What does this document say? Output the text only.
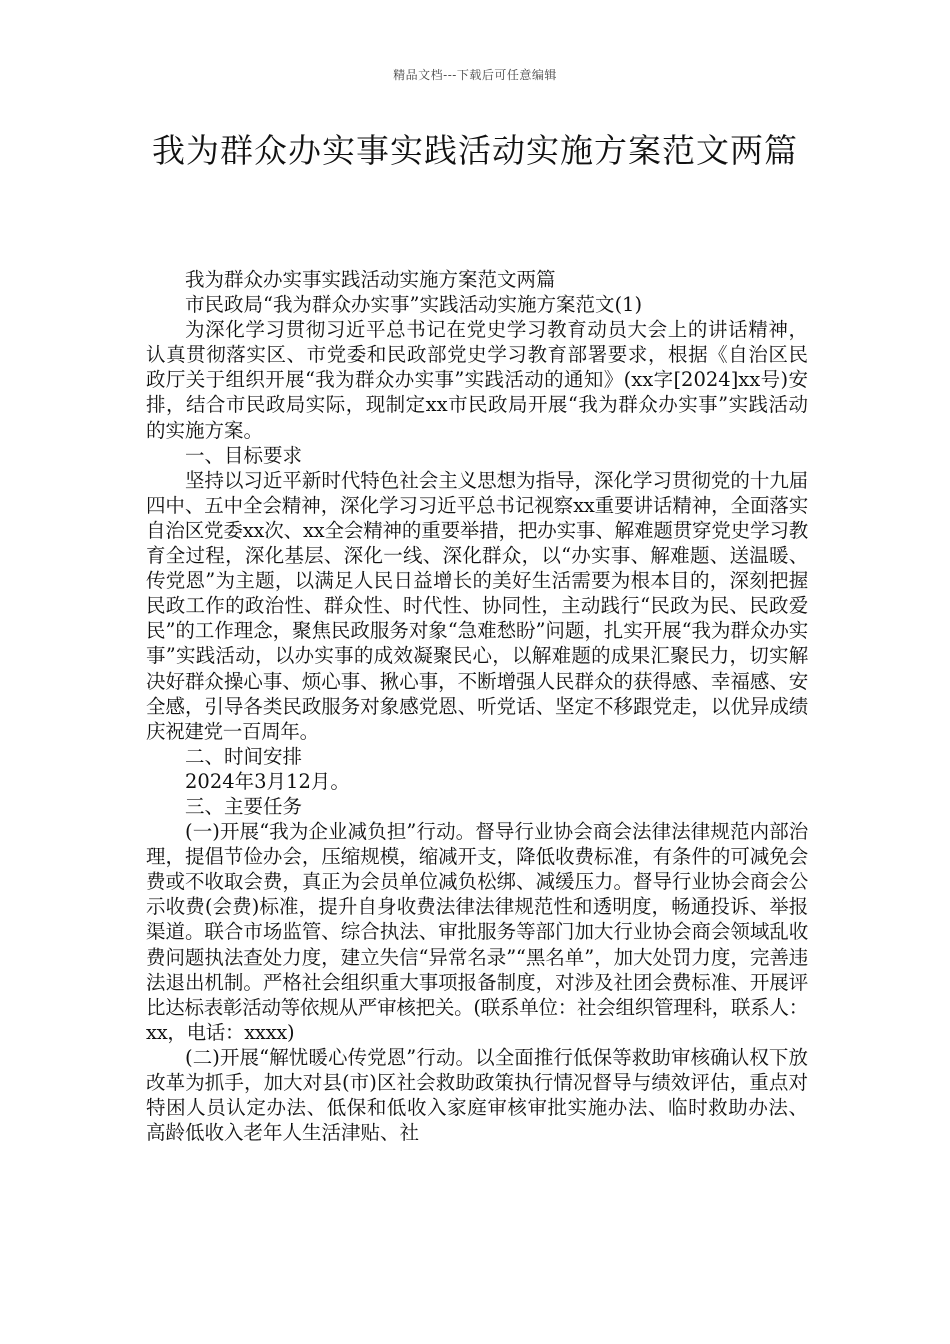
精品文档---下载后可任意编辑
我为群众办实事实践活动实施方案范文两篇

我为群众办实事实践活动实施方案范文两篇

市民政局“我为群众办实事”实践活动实施方案范文(1)

为深化学习贯彻习近平总书记在党史学习教育动员大会上的讲话精神，认真贯彻落实区、市党委和民政部党史学习教育部署要求，根据《自治区民政厅关于组织开展“我为群众办实事”实践活动的通知》(xx字[2024]xx号)安排，结合市民政局实际，现制定xx市民政局开展“我为群众办实事”实践活动的实施方案。

一、目标要求

坚持以习近平新时代特色社会主义思想为指导，深化学习贯彻党的十九届四中、五中全会精神，深化学习习近平总书记视察xx重要讲话精神，全面落实自治区党委xx次、xx全会精神的重要举措，把办实事、解难题贯穿党史学习教育全过程，深化基层、深化一线、深化群众，以“办实事、解难题、送温暖、传党恩”为主题，以满足人民日益增长的美好生活需要为根本目的，深刻把握民政工作的政治性、群众性、时代性、协同性，主动践行“民政为民、民政爱民”的工作理念，聚焦民政服务对象“急难愁盼”问题，扎实开展“我为群众办实事”实践活动，以办实事的成效凝聚民心，以解难题的成果汇聚民力，切实解决好群众操心事、烦心事、揪心事，不断增强人民群众的获得感、幸福感、安全感，引导各类民政服务对象感党恩、听党话、坚定不移跟党走，以优异成绩庆祝建党一百周年。

二、时间安排

2024年3月12月。

三、主要任务

(一)开展“我为企业减负担”行动。督导行业协会商会法律法律规范内部治理，提倡节俭办会，压缩规模，缩减开支，降低收费标准，有条件的可减免会费或不收取会费，真正为会员单位减负松绑、减缓压力。督导行业协会商会公示收费(会费)标准，提升自身收费法律法律规范性和透明度，畅通投诉、举报渠道。联合市场监管、综合执法、审批服务等部门加大行业协会商会领域乱收费问题执法查处力度，建立失信“异常名录”“黑名单”，加大处罚力度，完善违法退出机制。严格社会组织重大事项报备制度，对涉及社团会费标准、开展评比达标表彰活动等依规从严审核把关。(联系单位：社会组织管理科，联系人：xx，电话：xxxx)

(二)开展“解忧暖心传党恩”行动。以全面推行低保等救助审核确认权下放改革为抓手，加大对县(市)区社会救助政策执行情况督导与绩效评估，重点对特困人员认定办法、低保和低收入家庭审核审批实施办法、临时救助办法、高龄低收入老年人生活津贴、社
